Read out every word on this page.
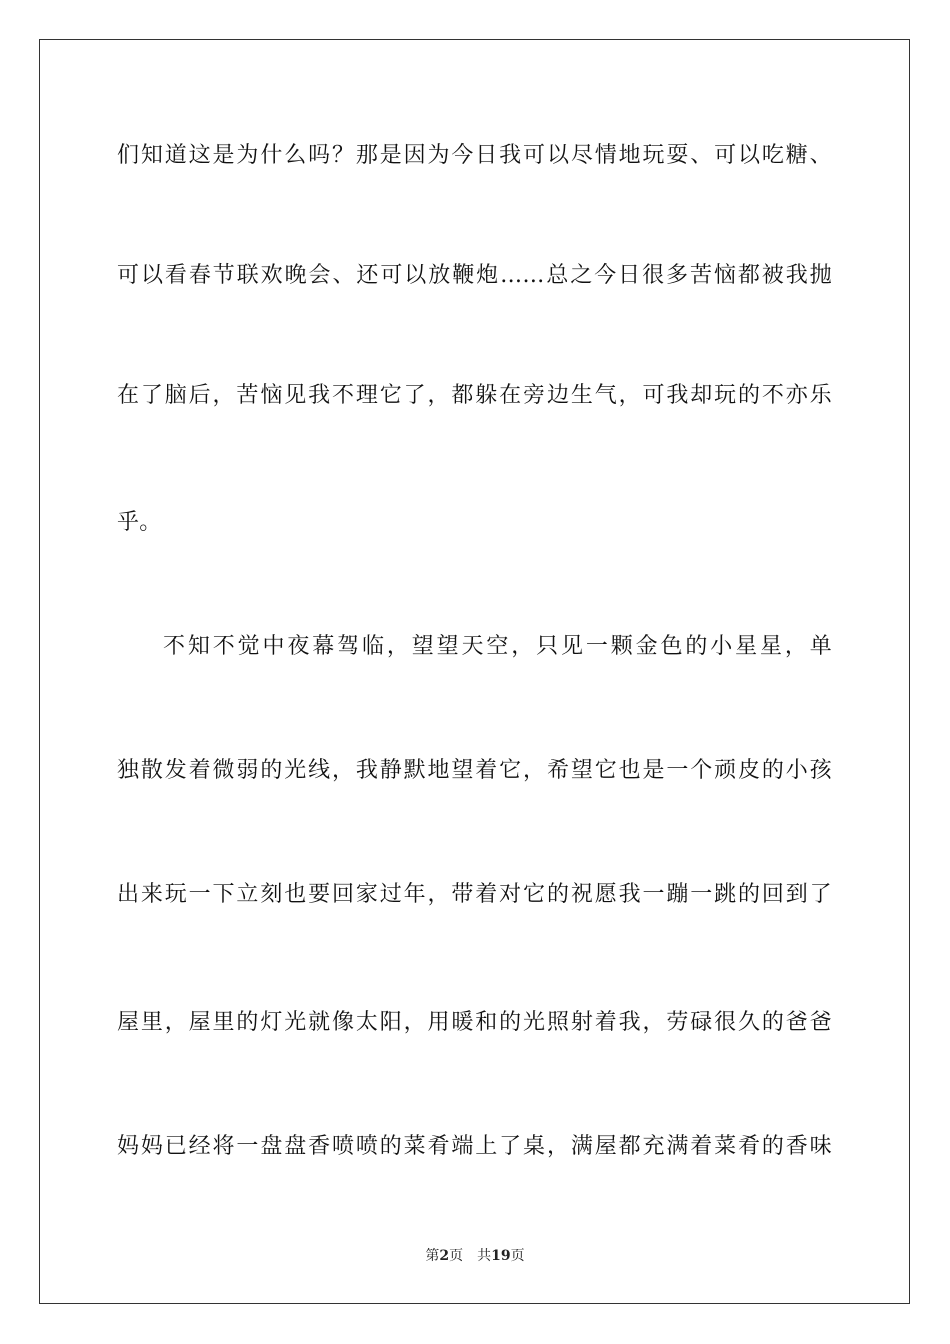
们知道这是为什么吗？那是因为今日我可以尽情地玩耍、可以吃糖、
可以看春节联欢晚会、还可以放鞭炮……总之今日很多苦恼都被我抛
在了脑后，苦恼见我不理它了，都躲在旁边生气，可我却玩的不亦乐
乎。
不知不觉中夜幕驾临，望望天空，只见一颗金色的小星星，单
独散发着微弱的光线，我静默地望着它，希望它也是一个顽皮的小孩
出来玩一下立刻也要回家过年，带着对它的祝愿我一蹦一跳的回到了
屋里，屋里的灯光就像太阳，用暖和的光照射着我，劳碌很久的爸爸
妈妈已经将一盘盘香喷喷的菜肴端上了桌，满屋都充满着菜肴的香味
第2页 共19页
